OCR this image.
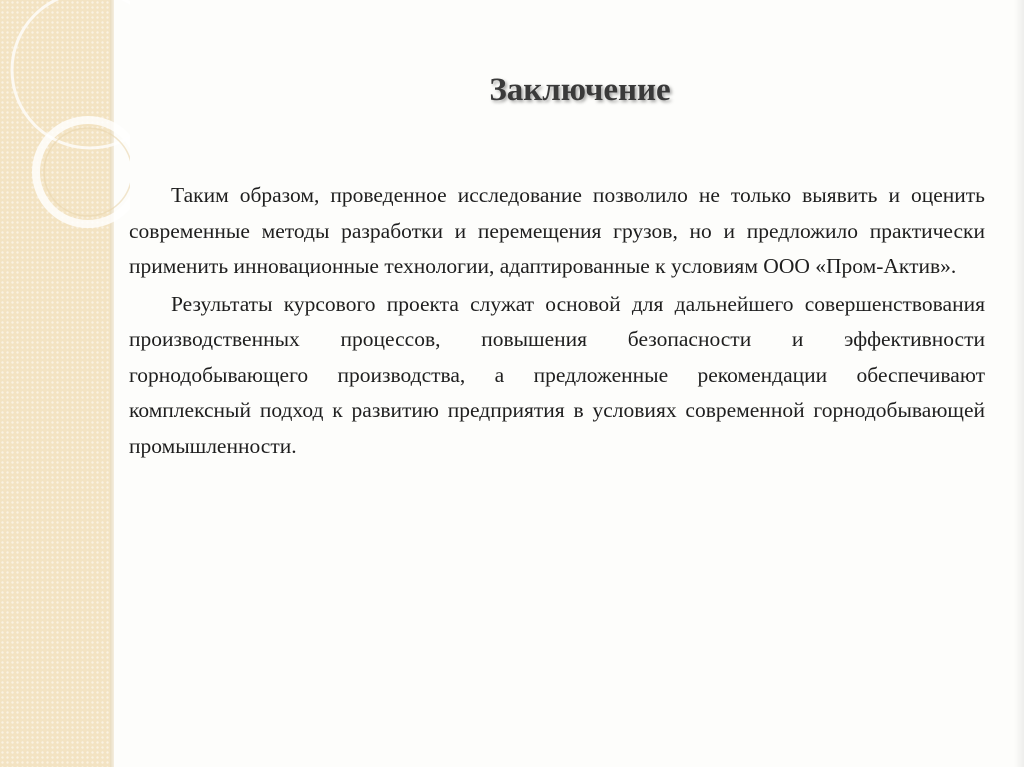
Заключение

Таким образом, проведенное исследование позволило не только выявить и оценить современные методы разработки и перемещения грузов, но и предложило практически применить инновационные технологии, адаптированные к условиям ООО «Пром-Актив».

Результаты курсового проекта служат основой для дальнейшего совершенствования производственных процессов, повышения безопасности и эффективности горнодобывающего производства, а предложенные рекомендации обеспечивают комплексный подход к развитию предприятия в условиях современной горнодобывающей промышленности.
